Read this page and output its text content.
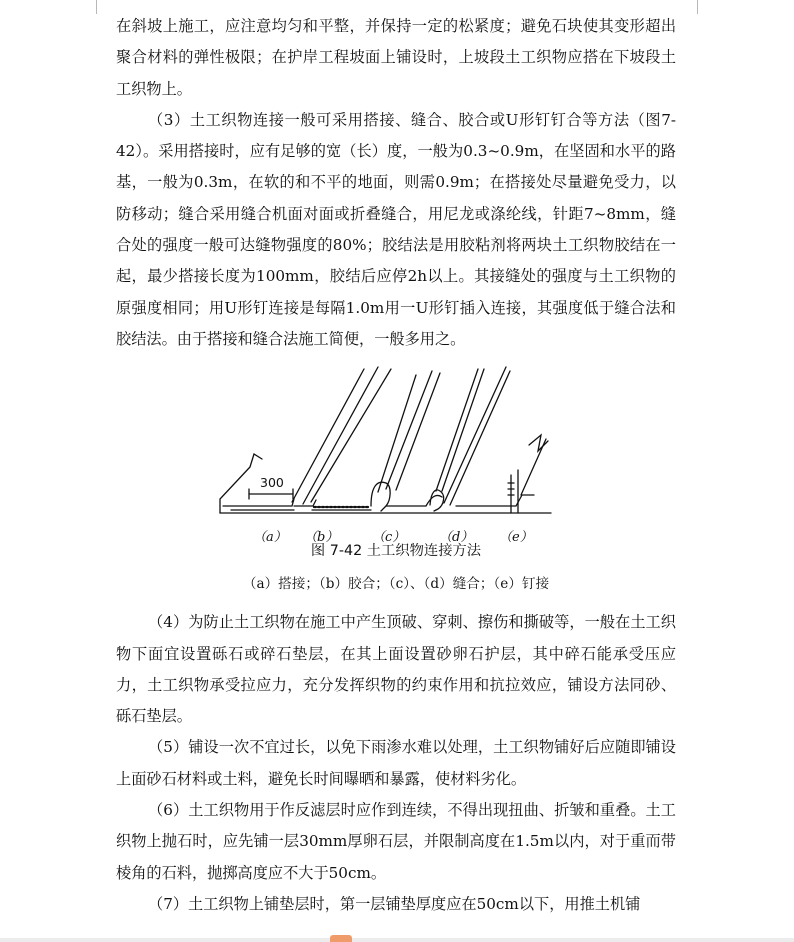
在斜坡上施工，应注意均匀和平整，并保持一定的松紧度；避免石块使其变形超出聚合材料的弹性极限；在护岸工程坡面上铺设时，上坡段土工织物应搭在下坡段土工织物上。

（3）土工织物连接一般可采用搭接、缝合、胶合或U形钉钉合等方法（图7-42）。采用搭接时，应有足够的宽（长）度，一般为0.3~0.9m，在坚固和水平的路基，一般为0.3m，在软的和不平的地面，则需0.9m；在搭接处尽量避免受力，以防移动；缝合采用缝合机面对面或折叠缝合，用尼龙或涤纶线，针距7~8mm，缝合处的强度一般可达缝物强度的80%；胶结法是用胶粘剂将两块土工织物胶结在一起，最少搭接长度为100mm，胶结后应停2h以上。其接缝处的强度与土工织物的原强度相同；用U形钉连接是每隔1.0m用一U形钉插入连接，其强度低于缝合法和胶结法。由于搭接和缝合法施工简便，一般多用之。

300
（a） （b）	（c）	（d） （e）
图 7-42 土工织物连接方法
（a）搭接；（b）胶合；（c）、（d）缝合；（e）钉接

（4）为防止土工织物在施工中产生顶破、穿刺、擦伤和撕破等，一般在土工织物下面宜设置砾石或碎石垫层，在其上面设置砂卵石护层，其中碎石能承受压应力，土工织物承受拉应力，充分发挥织物的约束作用和抗拉效应，铺设方法同砂、砾石垫层。

（5）铺设一次不宜过长，以免下雨渗水难以处理，土工织物铺好后应随即铺设上面砂石材料或土料，避免长时间曝晒和暴露，使材料劣化。

（6）土工织物用于作反滤层时应作到连续，不得出现扭曲、折皱和重叠。土工织物上抛石时，应先铺一层30mm厚卵石层，并限制高度在1.5m以内，对于重而带棱角的石料，抛掷高度应不大于50cm。

（7）土工织物上铺垫层时，第一层铺垫厚度应在50cm以下，用推土机铺
